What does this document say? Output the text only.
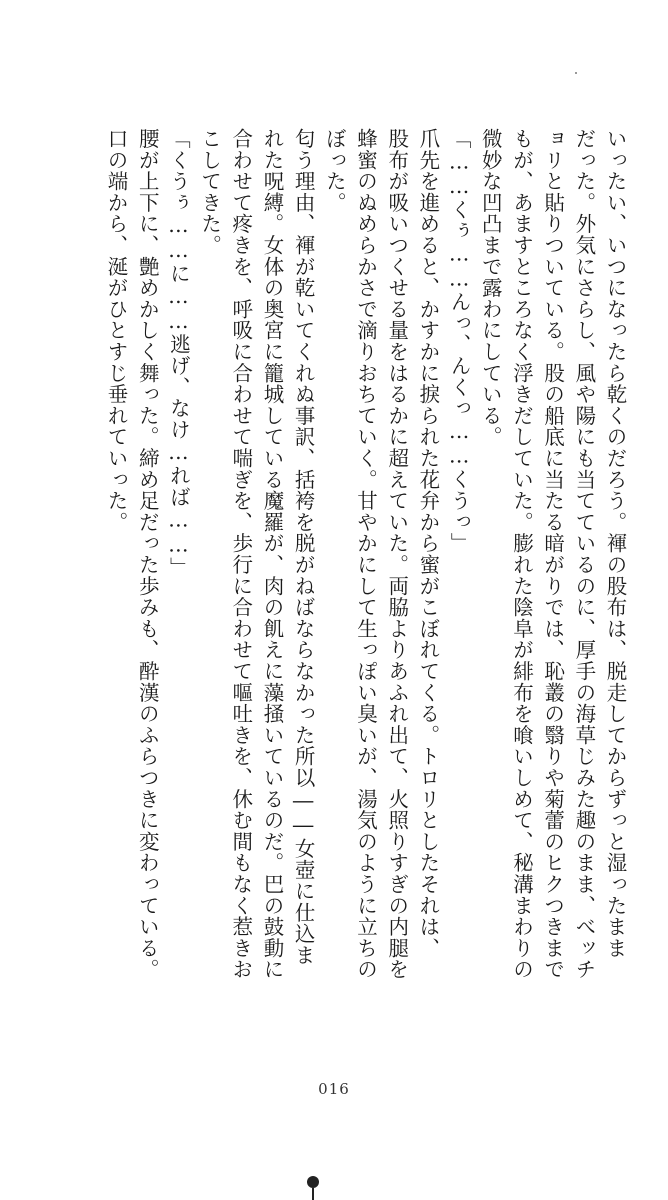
いったい、いつになったら乾くのだろう。褌の股布は、脱走してからずっと湿ったまま
だった。外気にさらし、風や陽にも当てているのに、厚手の海草じみた趣のまま、べッチ
ョリと貼りついている。股の船底に当たる暗がりでは、恥叢の翳りや菊蕾のヒクつきまで
もが、あますところなく浮きだしていた。膨れた陰阜が緋布を喰いしめて、秘溝まわりの
微妙な凹凸まで露わにしている。
「……くぅ……んっ、んくっ……くうっ」
爪先を進めると、かすかに捩られた花弁から蜜がこぼれてくる。トロリとしたそれは、
股布が吸いつくせる量をはるかに超えていた。両脇よりあふれ出て、火照りすぎの内腿を
蜂蜜のぬめらかさで滴りおちていく。甘やかにして生っぽい臭いが、湯気のように立ちの
ぼった。
匂う理由、褌が乾いてくれぬ事訳、括袴を脱がねばならなかった所以――女壺に仕込ま
れた呪縛。女体の奥宮に籠城している魔羅が、肉の飢えに藻掻いているのだ。巴の鼓動に
合わせて疼きを、呼吸に合わせて喘ぎを、歩行に合わせて嘔吐きを、休む間もなく惹きお
こしてきた。
「くうぅ……に……逃げ、なけ…れば……」
腰が上下に、艶めかしく舞った。締め足だった歩みも、酔漢のふらつきに変わっている。
口の端から、涎がひとすじ垂れていった。
016
